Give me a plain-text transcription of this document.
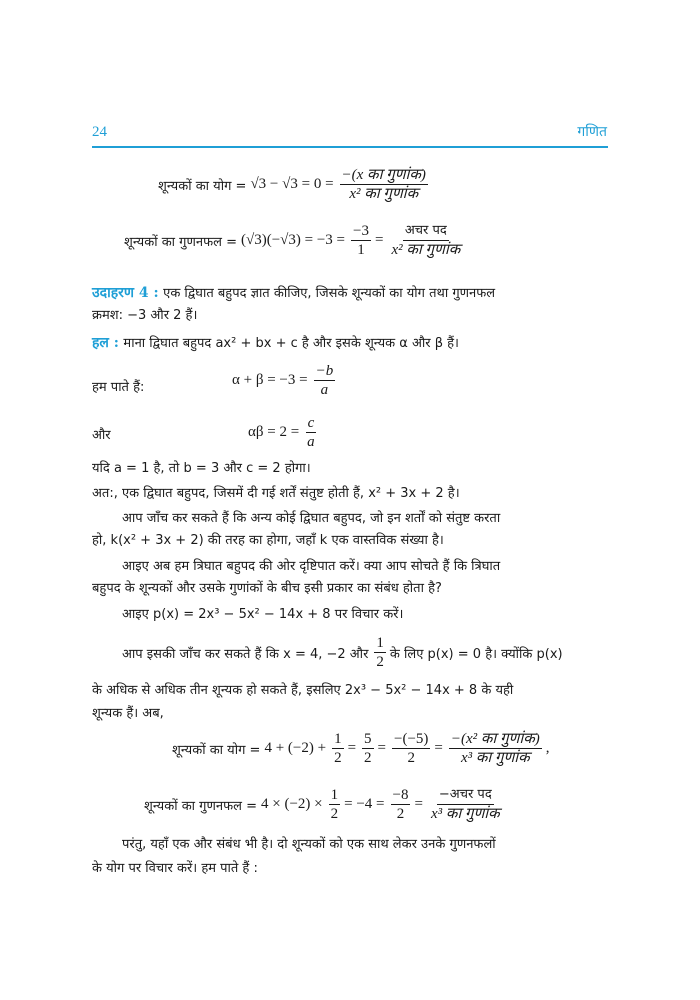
24	गणित
शून्यकों का योग = $√3 - √3 = 0 = \frac{\text{−(x का गुणांक)}}{\text{x² का गुणांक}}$
शून्यकों का गुणनफल = $(√3)(-√3) = -3 = \frac{-3}{1} = \frac{\text{अचर पद}}{\text{x² का गुणांक}}$
उदाहरण 4 : एक द्विघात बहुपद ज्ञात कीजिए, जिसके शून्यकों का योग तथा गुणनफल
क्रमश: −3 और 2 हैं।
हल : माना द्विघात बहुपद ax² + bx + c है और इसके शून्यक α और β हैं।
हम पाते हैं:	$\alpha + \beta = -3 = \frac{-b}{a}$
और	$\alpha\beta = 2 = \frac{c}{a}$
यदि a = 1 है, तो b = 3 और c = 2 होगा।
अत:, एक द्विघात बहुपद, जिसमें दी गई शर्तें संतुष्ट होती हैं, x² + 3x + 2 है।
आप जाँच कर सकते हैं कि अन्य कोई द्विघात बहुपद, जो इन शर्तों को संतुष्ट करता
हो, k(x² + 3x + 2) की तरह का होगा, जहाँ k एक वास्तविक संख्या है।
आइए अब हम त्रिघात बहुपद की ओर दृष्टिपात करें। क्या आप सोचते हैं कि त्रिघात
बहुपद के शून्यकों और उसके गुणांकों के बीच इसी प्रकार का संबंध होता है?
आइए p(x) = 2x³ − 5x² − 14x + 8 पर विचार करें।
आप इसकी जाँच कर सकते हैं कि x = 4, −2 और $\frac{1}{2}$ के लिए p(x) = 0 है। क्योंकि p(x)
के अधिक से अधिक तीन शून्यक हो सकते हैं, इसलिए 2x³ − 5x² − 14x + 8 के यही
शून्यक हैं। अब,
शून्यकों का योग = $4 + (-2) + \frac{1}{2} = \frac{5}{2} = \frac{-(-5)}{2} = \frac{\text{−(x² का गुणांक)}}{\text{x³ का गुणांक}}$ ,
शून्यकों का गुणनफल = $4 \times (-2) \times \frac{1}{2} = -4 = \frac{-8}{2} = \frac{\text{−अचर पद}}{\text{x³ का गुणांक}}$
परंतु, यहाँ एक और संबंध भी है। दो शून्यकों को एक साथ लेकर उनके गुणनफलों
के योग पर विचार करें। हम पाते हैं :
